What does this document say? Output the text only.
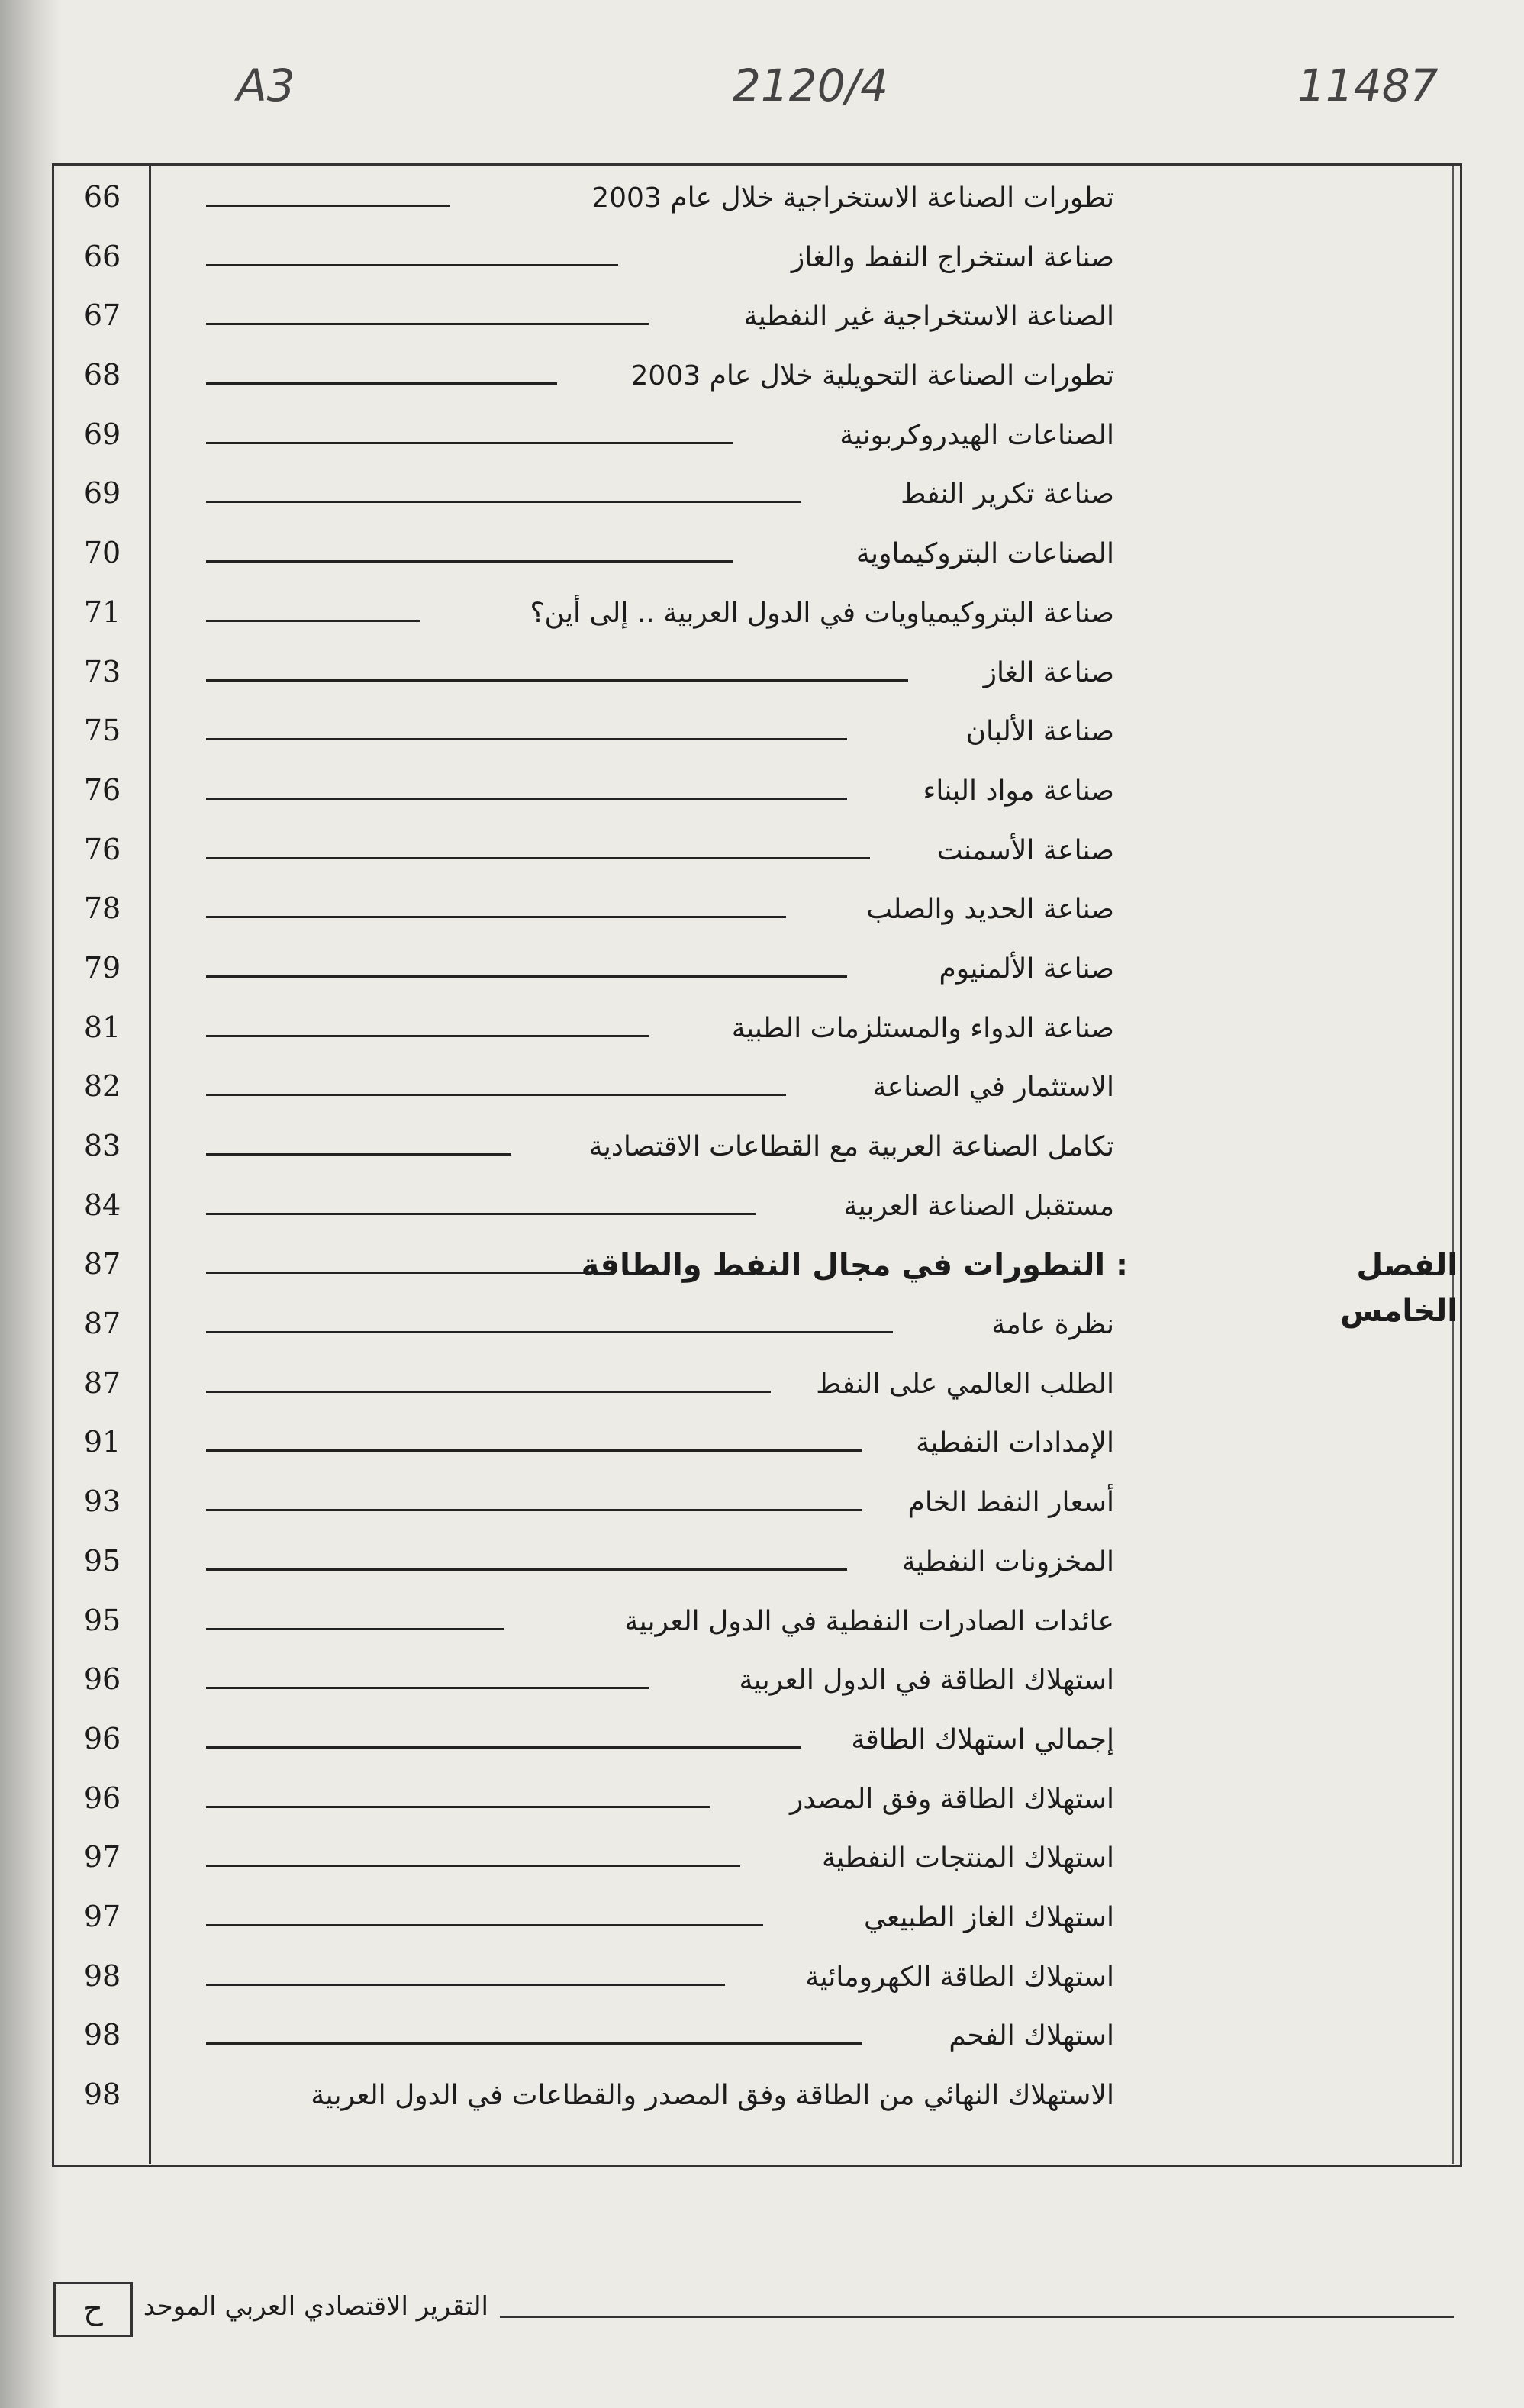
A3	2120/4	11487
66	تطورات الصناعة الاستخراجية خلال عام 2003
66	صناعة استخراج النفط والغاز
67	الصناعة الاستخراجية غير النفطية
68	تطورات الصناعة التحويلية خلال عام 2003
69	الصناعات الهيدروكربونية
69	صناعة تكرير النفط
70	الصناعات البتروكيماوية
71	صناعة البتروكيمياويات في الدول العربية .. إلى أين؟
73	صناعة الغاز
75	صناعة الألبان
76	صناعة مواد البناء
76	صناعة الأسمنت
78	صناعة الحديد والصلب
79	صناعة الألمنيوم
81	صناعة الدواء والمستلزمات الطبية
82	الاستثمار في الصناعة
83	تكامل الصناعة العربية مع القطاعات الاقتصادية
84	مستقبل الصناعة العربية
87	: التطورات في مجال النفط والطاقة	الفصل الخامس
87	نظرة عامة
87	الطلب العالمي على النفط
91	الإمدادات النفطية
93	أسعار النفط الخام
95	المخزونات النفطية
95	عائدات الصادرات النفطية في الدول العربية
96	استهلاك الطاقة في الدول العربية
96	إجمالي استهلاك الطاقة
96	استهلاك الطاقة وفق المصدر
97	استهلاك المنتجات النفطية
97	استهلاك الغاز الطبيعي
98	استهلاك الطاقة الكهرومائية
98	استهلاك الفحم
98	الاستهلاك النهائي من الطاقة وفق المصدر والقطاعات في الدول العربية
ح	التقرير الاقتصادي العربي الموحد
